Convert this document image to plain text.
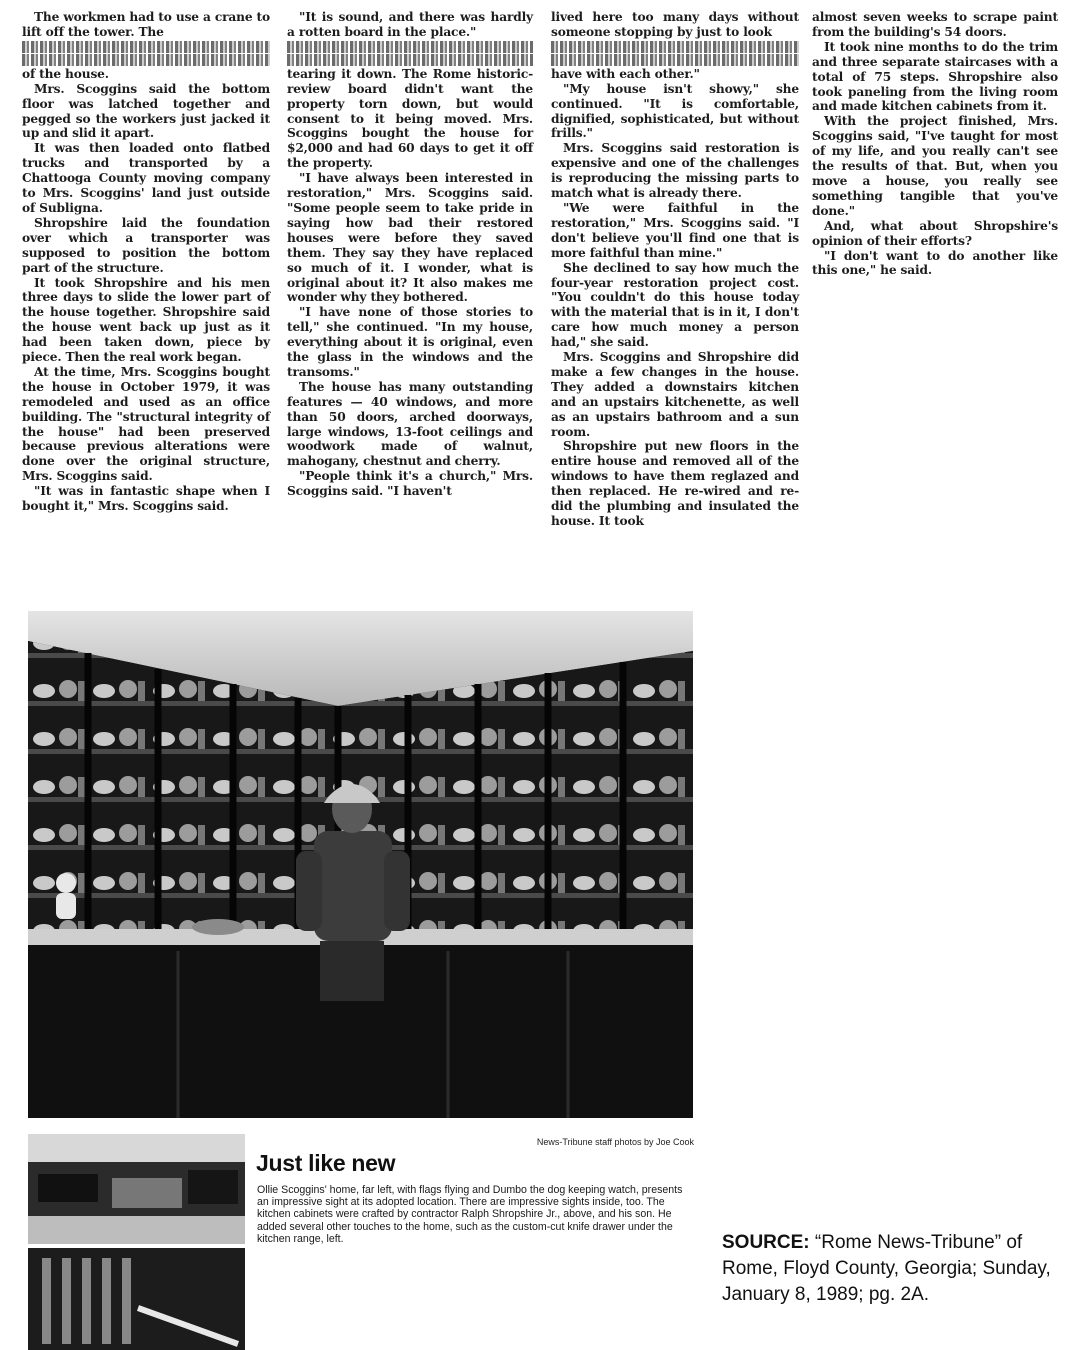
The workmen had to use a crane to lift off the tower. The

of the house.

Mrs. Scoggins said the bottom floor was latched together and pegged so the workers just jacked it up and slid it apart.

It was then loaded onto flatbed trucks and transported by a Chattooga County moving company to Mrs. Scoggins' land just outside of Subligna.

Shropshire laid the foundation over which a transporter was supposed to position the bottom part of the structure.

It took Shropshire and his men three days to slide the lower part of the house together. Shropshire said the house went back up just as it had been taken down, piece by piece. Then the real work began.

At the time, Mrs. Scoggins bought the house in October 1979, it was remodeled and used as an office building. The "structural integrity of the house" had been preserved because previous alterations were done over the original structure, Mrs. Scoggins said.

"It was in fantastic shape when I bought it," Mrs. Scoggins said.

"It is sound, and there was hardly a rotten board in the place."

tearing it down. The Rome historic-review board didn't want the property torn down, but would consent to it being moved. Mrs. Scoggins bought the house for $2,000 and had 60 days to get it off the property.

"I have always been interested in restoration," Mrs. Scoggins said. "Some people seem to take pride in saying how bad their restored houses were before they saved them. They say they have replaced so much of it. I wonder, what is original about it? It also makes me wonder why they bothered.

"I have none of those stories to tell," she continued. "In my house, everything about it is original, even the glass in the windows and the transoms."

The house has many outstanding features — 40 windows, and more than 50 doors, arched doorways, large windows, 13-foot ceilings and woodwork made of walnut, mahogany, chestnut and cherry.

"People think it's a church," Mrs. Scoggins said. "I haven't

lived here too many days without someone stopping by just to look

have with each other."

"My house isn't showy," she continued. "It is comfortable, dignified, sophisticated, but without frills."

Mrs. Scoggins said restoration is expensive and one of the challenges is reproducing the missing parts to match what is already there.

"We were faithful in the restoration," Mrs. Scoggins said. "I don't believe you'll find one that is more faithful than mine."

She declined to say how much the four-year restoration project cost. "You couldn't do this house today with the material that is in it, I don't care how much money a person had," she said.

Mrs. Scoggins and Shropshire did make a few changes in the house. They added a downstairs kitchen and an upstairs kitchenette, as well as an upstairs bathroom and a sun room.

Shropshire put new floors in the entire house and removed all of the windows to have them reglazed and then replaced. He re-wired and re-did the plumbing and insulated the house. It took

almost seven weeks to scrape paint from the building's 54 doors.

It took nine months to do the trim and three separate staircases with a total of 75 steps. Shropshire also took paneling from the living room and made kitchen cabinets from it.

With the project finished, Mrs. Scoggins said, "I've taught for most of my life, and you really can't see the results of that. But, when you move a house, you really see something tangible that you've done."

And, what about Shropshire's opinion of their efforts?

"I don't want to do another like this one," he said.

News-Tribune staff photos by Joe Cook
Just like new
Ollie Scoggins' home, far left, with flags flying and Dumbo the dog keeping watch, presents an impressive sight at its adopted location. There are impressive sights inside, too. The kitchen cabinets were crafted by contractor Ralph Shropshire Jr., above, and his son. He added several other touches to the home, such as the custom-cut knife drawer under the kitchen range, left.	SOURCE: “Rome News-Tribune” of Rome, Floyd County, Georgia; Sunday, January 8, 1989; pg. 2A.
